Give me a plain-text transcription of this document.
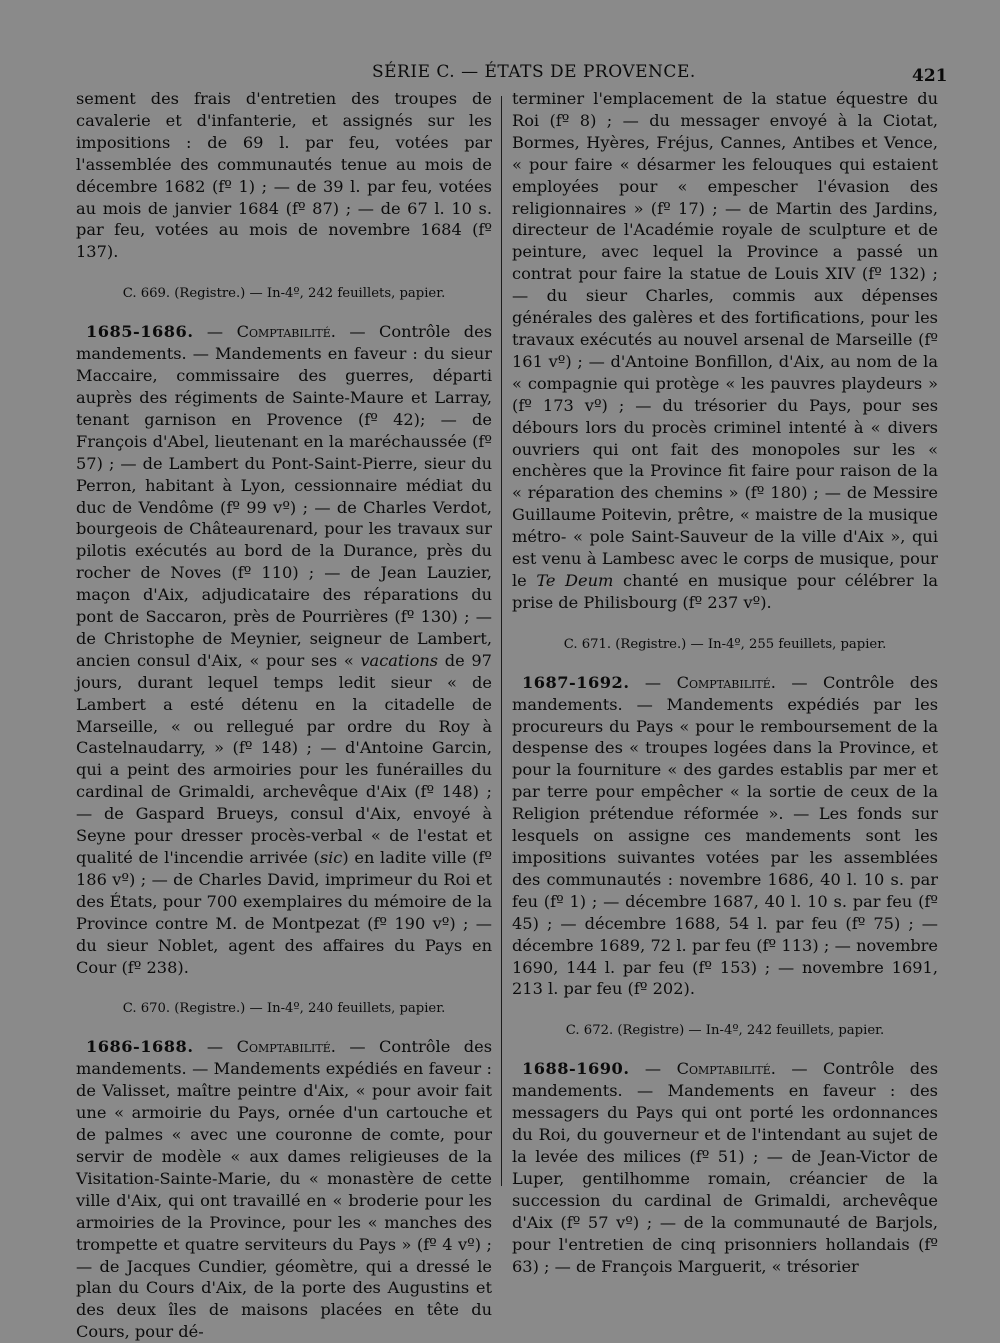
SÉRIE C. — ÉTATS DE PROVENCE.	421

sement des frais d'entretien des troupes de cavalerie et d'infanterie, et assignés sur les impositions : de 69 l. par feu, votées par l'assemblée des communautés tenue au mois de décembre 1682 (fº 1) ; — de 39 l. par feu, votées au mois de janvier 1684 (fº 87) ; — de 67 l. 10 s. par feu, votées au mois de novembre 1684 (fº 137).

C. 669. (Registre.) — In-4º, 242 feuillets, papier.

1685-1686. — Comptabilité. — Contrôle des mandements. — Mandements en faveur : du sieur Maccaire, commissaire des guerres, départi auprès des régiments de Sainte-Maure et Larray, tenant garnison en Provence (fº 42); — de François d'Abel, lieutenant en la maréchaussée (fº 57) ; — de Lambert du Pont-Saint-Pierre, sieur du Perron, habitant à Lyon, cessionnaire médiat du duc de Vendôme (fº 99 vº) ; — de Charles Verdot, bourgeois de Châteaurenard, pour les travaux sur pilotis exécutés au bord de la Durance, près du rocher de Noves (fº 110) ; — de Jean Lauzier, maçon d'Aix, adjudicataire des réparations du pont de Saccaron, près de Pourrières (fº 130) ; — de Christophe de Meynier, seigneur de Lambert, ancien consul d'Aix, « pour ses « vacations de 97 jours, durant lequel temps ledit sieur « de Lambert a esté détenu en la citadelle de Marseille, « ou rellegué par ordre du Roy à Castelnaudarry, » (fº 148) ; — d'Antoine Garcin, qui a peint des armoiries pour les funérailles du cardinal de Grimaldi, archevêque d'Aix (fº 148) ; — de Gaspard Brueys, consul d'Aix, envoyé à Seyne pour dresser procès-verbal « de l'estat et qualité de l'incendie arrivée (sic) en ladite ville (fº 186 vº) ; — de Charles David, imprimeur du Roi et des États, pour 700 exemplaires du mémoire de la Province contre M. de Montpezat (fº 190 vº) ; — du sieur Noblet, agent des affaires du Pays en Cour (fº 238).

C. 670. (Registre.) — In-4º, 240 feuillets, papier.

1686-1688. — Comptabilité. — Contrôle des mandements. — Mandements expédiés en faveur : de Valisset, maître peintre d'Aix, « pour avoir fait une « armoirie du Pays, ornée d'un cartouche et de palmes « avec une couronne de comte, pour servir de modèle « aux dames religieuses de la Visitation-Sainte-Marie, du « monastère de cette ville d'Aix, qui ont travaillé en « broderie pour les armoiries de la Province, pour les « manches des trompette et quatre serviteurs du Pays » (fº 4 vº) ; — de Jacques Cundier, géomètre, qui a dressé le plan du Cours d'Aix, de la porte des Augustins et des deux îles de maisons placées en tête du Cours, pour dé-

terminer l'emplacement de la statue équestre du Roi (fº 8) ; — du messager envoyé à la Ciotat, Bormes, Hyères, Fréjus, Cannes, Antibes et Vence, « pour faire « désarmer les felouques qui estaient employées pour « empescher l'évasion des religionnaires » (fº 17) ; — de Martin des Jardins, directeur de l'Académie royale de sculpture et de peinture, avec lequel la Province a passé un contrat pour faire la statue de Louis XIV (fº 132) ; — du sieur Charles, commis aux dépenses générales des galères et des fortifications, pour les travaux exécutés au nouvel arsenal de Marseille (fº 161 vº) ; — d'Antoine Bonfillon, d'Aix, au nom de la « compagnie qui protège « les pauvres playdeurs » (fº 173 vº) ; — du trésorier du Pays, pour ses débours lors du procès criminel intenté à « divers ouvriers qui ont fait des monopoles sur les « enchères que la Province fit faire pour raison de la « réparation des chemins » (fº 180) ; — de Messire Guillaume Poitevin, prêtre, « maistre de la musique métro- « pole Saint-Sauveur de la ville d'Aix », qui est venu à Lambesc avec le corps de musique, pour le Te Deum chanté en musique pour célébrer la prise de Philisbourg (fº 237 vº).

C. 671. (Registre.) — In-4º, 255 feuillets, papier.

1687-1692. — Comptabilité. — Contrôle des mandements. — Mandements expédiés par les procureurs du Pays « pour le remboursement de la despense des « troupes logées dans la Province, et pour la fourniture « des gardes establis par mer et par terre pour empêcher « la sortie de ceux de la Religion prétendue réformée ». — Les fonds sur lesquels on assigne ces mandements sont les impositions suivantes votées par les assemblées des communautés : novembre 1686, 40 l. 10 s. par feu (fº 1) ; — décembre 1687, 40 l. 10 s. par feu (fº 45) ; — décembre 1688, 54 l. par feu (fº 75) ; — décembre 1689, 72 l. par feu (fº 113) ; — novembre 1690, 144 l. par feu (fº 153) ; — novembre 1691, 213 l. par feu (fº 202).

C. 672. (Registre) — In-4º, 242 feuillets, papier.

1688-1690. — Comptabilité. — Contrôle des mandements. — Mandements en faveur : des messagers du Pays qui ont porté les ordonnances du Roi, du gouverneur et de l'intendant au sujet de la levée des milices (fº 51) ; — de Jean-Victor de Luper, gentilhomme romain, créancier de la succession du cardinal de Grimaldi, archevêque d'Aix (fº 57 vº) ; — de la communauté de Barjols, pour l'entretien de cinq prisonniers hollandais (fº 63) ; — de François Marguerit, « trésorier
